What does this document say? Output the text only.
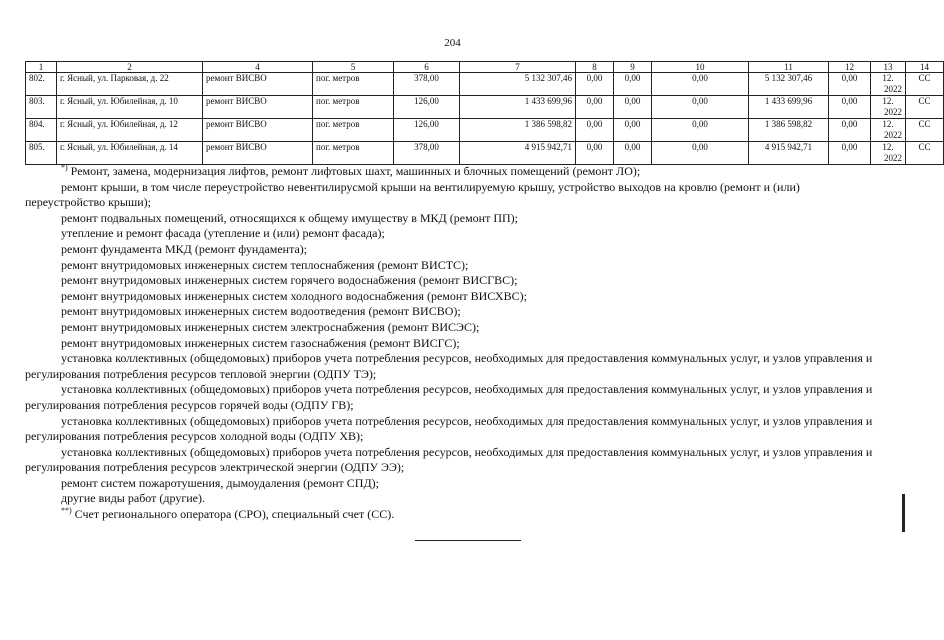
204
1	2	4	5	6	7	8	9	10	11	12	13	14
802.	г. Ясный, ул. Парковая, д. 22	ремонт ВИСВО	пог. метров	378,00	5 132 307,46	0,00	0,00	0,00	5 132 307,46	0,00	12.
2022	СС
803.	г. Ясный, ул. Юбилейная, д. 10	ремонт ВИСВО	пог. метров	126,00	1 433 699,96	0,00	0,00	0,00	1 433 699,96	0,00	12.
2022	СС
804.	г. Ясный, ул. Юбилейная, д. 12	ремонт ВИСВО	пог. метров	126,00	1 386 598,82	0,00	0,00	0,00	1 386 598,82	0,00	12.
2022	СС
805.	г. Ясный, ул. Юбилейная, д. 14	ремонт ВИСВО	пог. метров	378,00	4 915 942,71	0,00	0,00	0,00	4 915 942,71	0,00	12.
2022	СС

*) Ремонт, замена, модернизация лифтов, ремонт лифтовых шахт, машинных и блочных помещений (ремонт ЛО);

ремонт крыши, в том числе переустройство невентилирусмой крыши на вентилируемую крышу, устройство выходов на кровлю (ремонт и (или) переустройство крыши);

ремонт подвальных помещений, относящихся к общему имуществу в МКД (ремонт ПП);

утепление и ремонт фасада (утепление и (или) ремонт фасада);

ремонт фундамента МКД (ремонт фундамента);

ремонт внутридомовых инженерных систем теплоснабжения (ремонт ВИСТС);

ремонт внутридомовых инженерных систем горячего водоснабжения (ремонт ВИСГВС);

ремонт внутридомовых инженерных систем холодного водоснабжения (ремонт ВИСХВС);

ремонт внутридомовых инженерных систем водоотведения (ремонт ВИСВО);

ремонт внутридомовых инженерных систем электроснабжения (ремонт ВИСЭС);

ремонт внутридомовых инженерных систем газоснабжения (ремонт ВИСГС);

установка коллективных (общедомовых) приборов учета потребления ресурсов, необходимых для предоставления коммунальных услуг, и узлов управления и регулирования потребления ресурсов тепловой энергии (ОДПУ ТЭ);

установка коллективных (общедомовых) приборов учета потребления ресурсов, необходимых для предоставления коммунальных услуг, и узлов управления и регулирования потребления ресурсов горячей воды (ОДПУ ГВ);

установка коллективных (общедомовых) приборов учета потребления ресурсов, необходимых для предоставления коммунальных услуг, и узлов управления и регулирования потребления ресурсов холодной воды (ОДПУ ХВ);

установка коллективных (общедомовых) приборов учета потребления ресурсов, необходимых для предоставления коммунальных услуг, и узлов управления и регулирования потребления ресурсов электрической энергии (ОДПУ ЭЭ);

ремонт систем пожаротушения, дымоудаления (ремонт СПД);

другие виды работ (другие).

**) Счет регионального оператора (СРО), специальный счет (СС).
